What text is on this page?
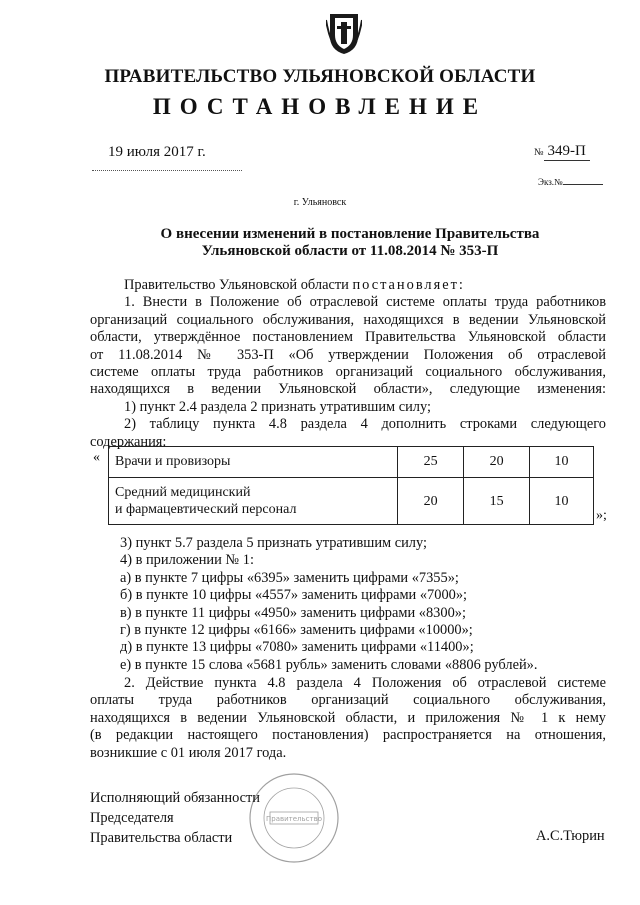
ПРАВИТЕЛЬСТВО УЛЬЯНОВСКОЙ ОБЛАСТИ
ПОСТАНОВЛЕНИЕ
19 июля 2017 г.	№ 349-П
Экз.№
г. Ульяновск
О внесении изменений в постановление Правительства
Ульяновской области от 11.08.2014 № 353-П

Правительство Ульяновской области постановляет:

1. Внести в Положение об отраслевой системе оплаты труда работников

организаций социального обслуживания, находящихся в ведении Ульяновской

области, утверждённое постановлением Правительства Ульяновской области

от 11.08.2014 № 353-П «Об утверждении Положения об отраслевой

системе оплаты труда работников организаций социального обслуживания,

находящихся в ведении Ульяновской области», следующие изменения:

1) пункт 2.4 раздела 2 признать утратившим силу;

2) таблицу пункта 4.8 раздела 4 дополнить строками следующего

содержания:

« Врачи и провизоры	25	20	10

Средний медицинский
и фармацевтический персонал	20	15	10
»;

3) пункт 5.7 раздела 5 признать утратившим силу;

4) в приложении № 1:

а) в пункте 7 цифры «6395» заменить цифрами «7355»;

б) в пункте 10 цифры «4557» заменить цифрами «7000»;

в) в пункте 11 цифры «4950» заменить цифрами «8300»;

г) в пункте 12 цифры «6166» заменить цифрами «10000»;

д) в пункте 13 цифры «7080» заменить цифрами «11400»;

е) в пункте 15 слова «5681 рубль» заменить словами «8806 рублей».

2. Действие пункта 4.8 раздела 4 Положения об отраслевой системе

оплаты труда работников организаций социального обслуживания,

находящихся в ведении Ульяновской области, и приложения № 1 к нему

(в редакции настоящего постановления) распространяется на отношения,

возникшие с 01 июля 2017 года.

Правительство
Исполняющий обязанности
Председателя
Правительства области	А.С.Тюрин
